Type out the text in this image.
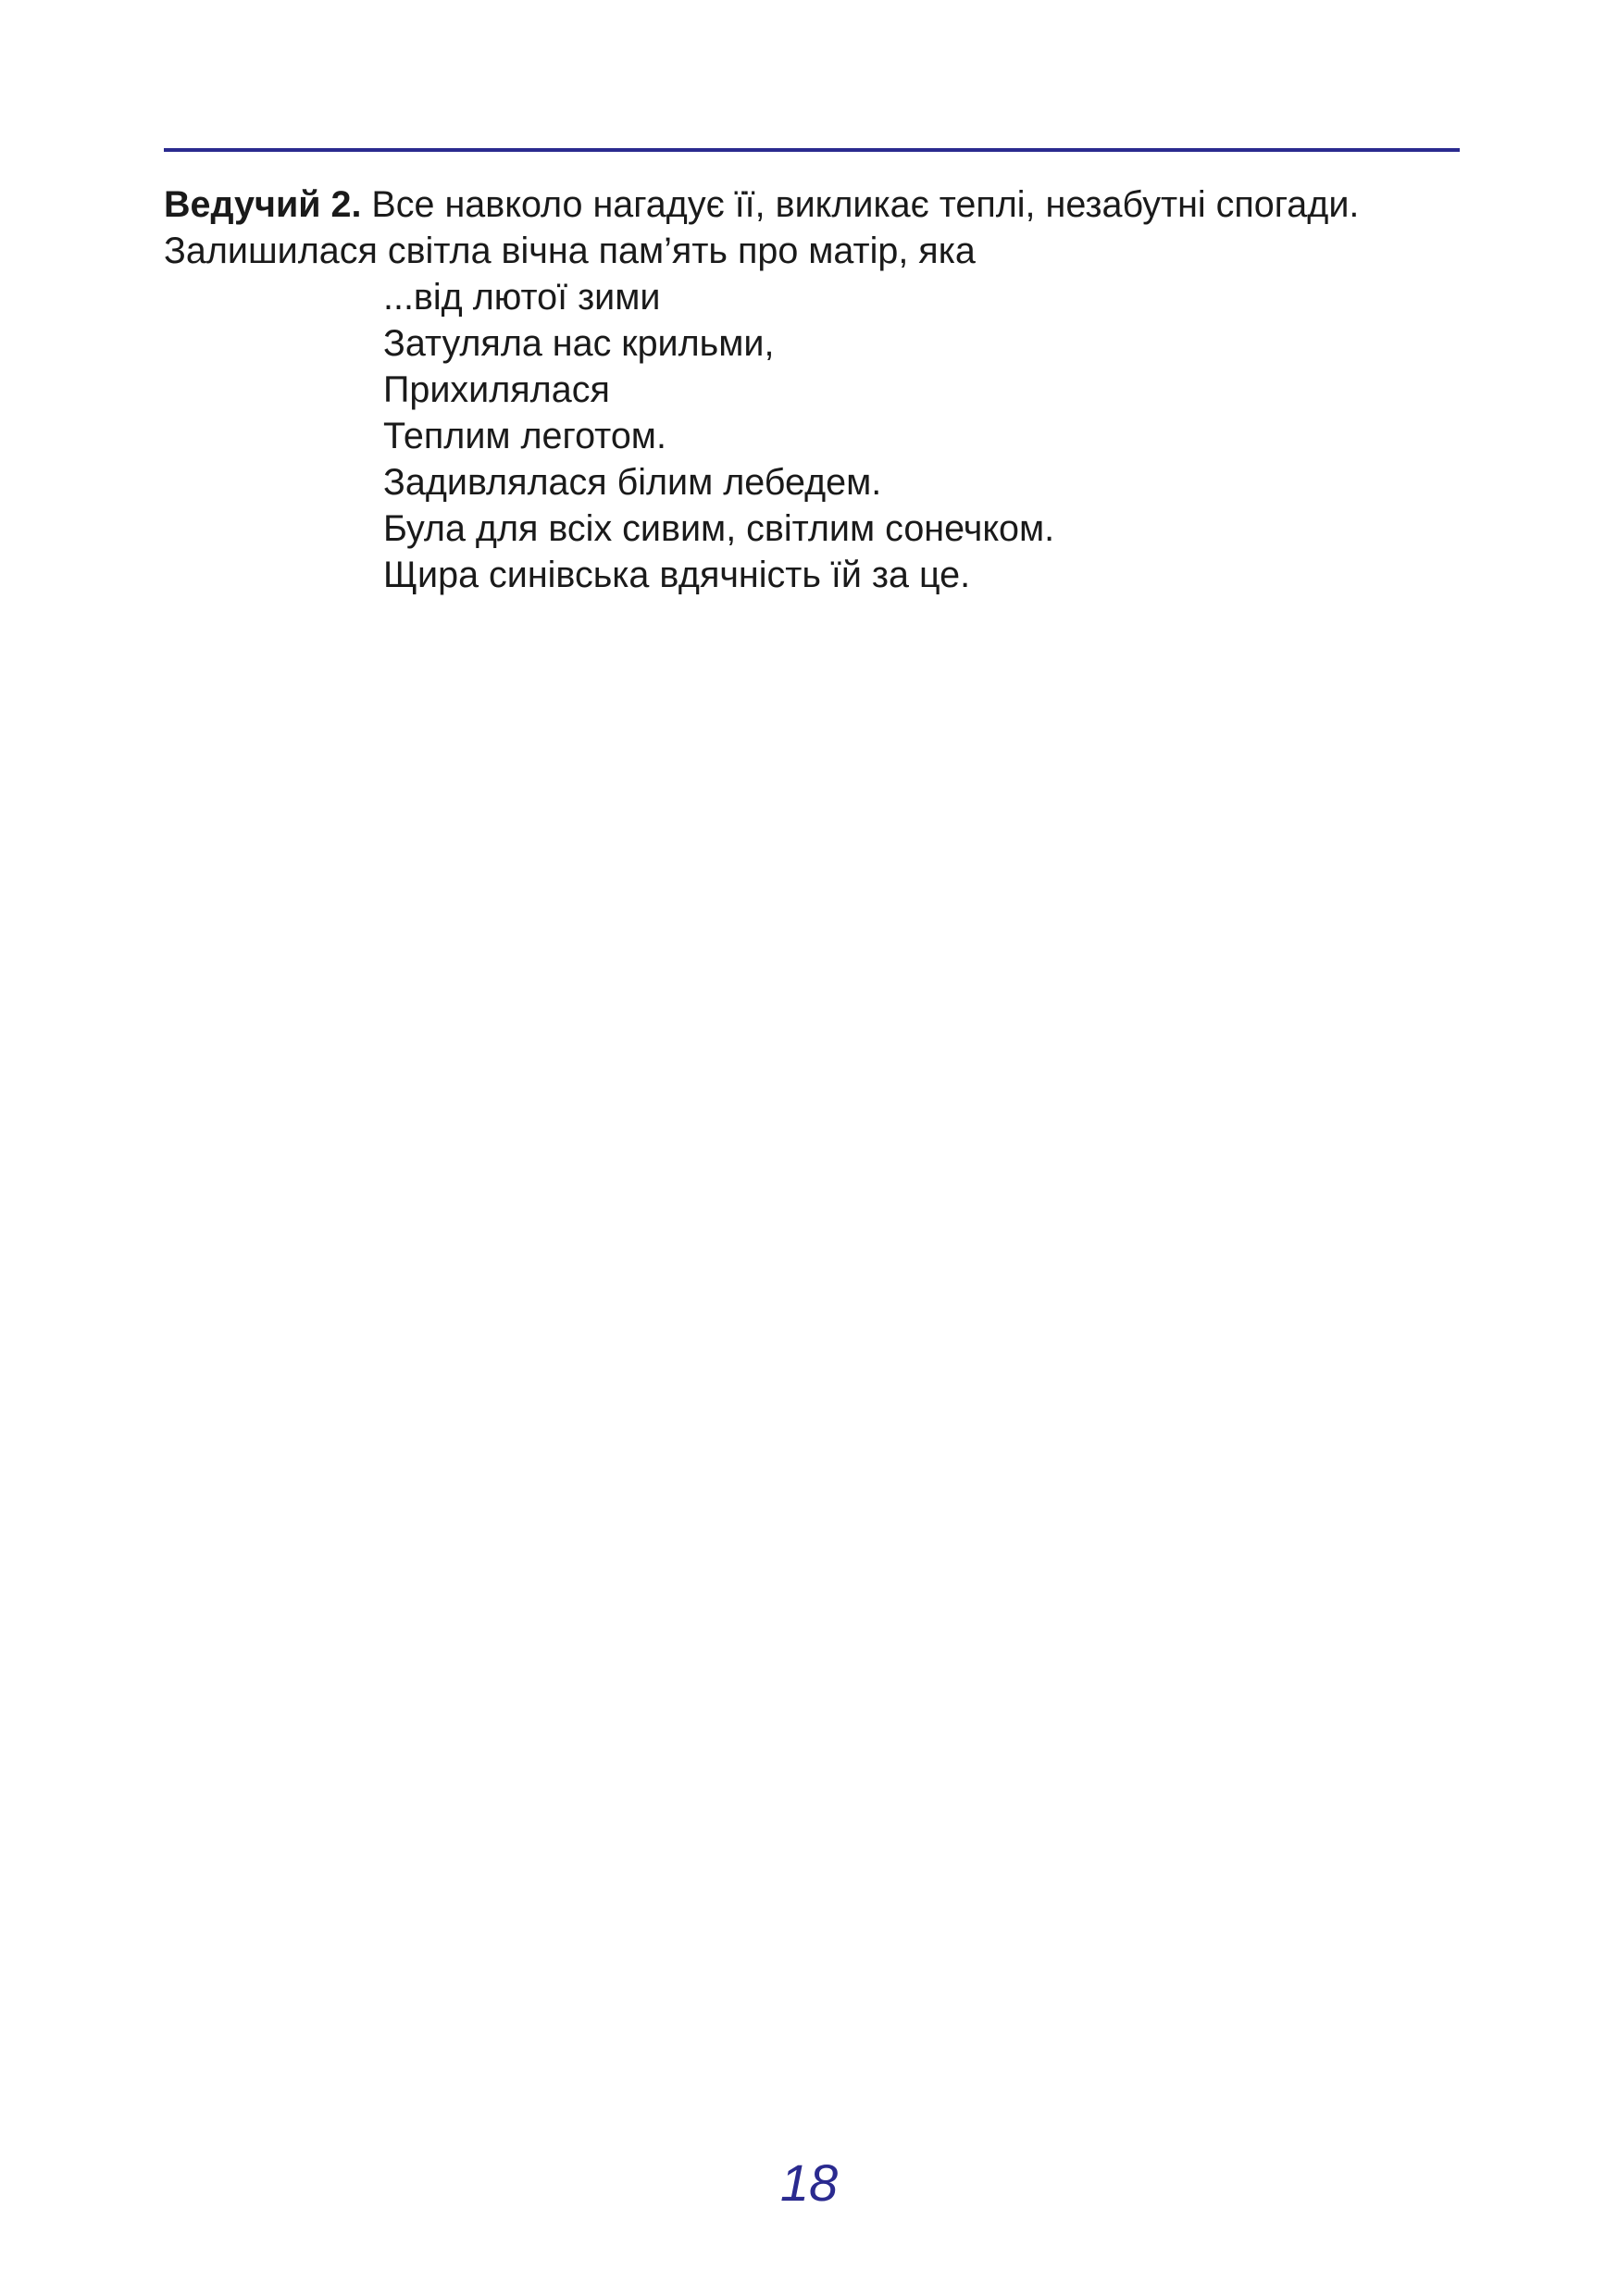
Ведучий 2. Все навколо нагадує її, викликає теплі, незабутні спогади.

Залишилася світла вічна пам’ять про матір, яка

...від лютої зими
Затуляла нас крильми,
Прихилялася
Теплим леготом.
Задивлялася білим лебедем.
Була для всіх сивим, світлим сонечком.
Щира синівська вдячність їй за це.
18
